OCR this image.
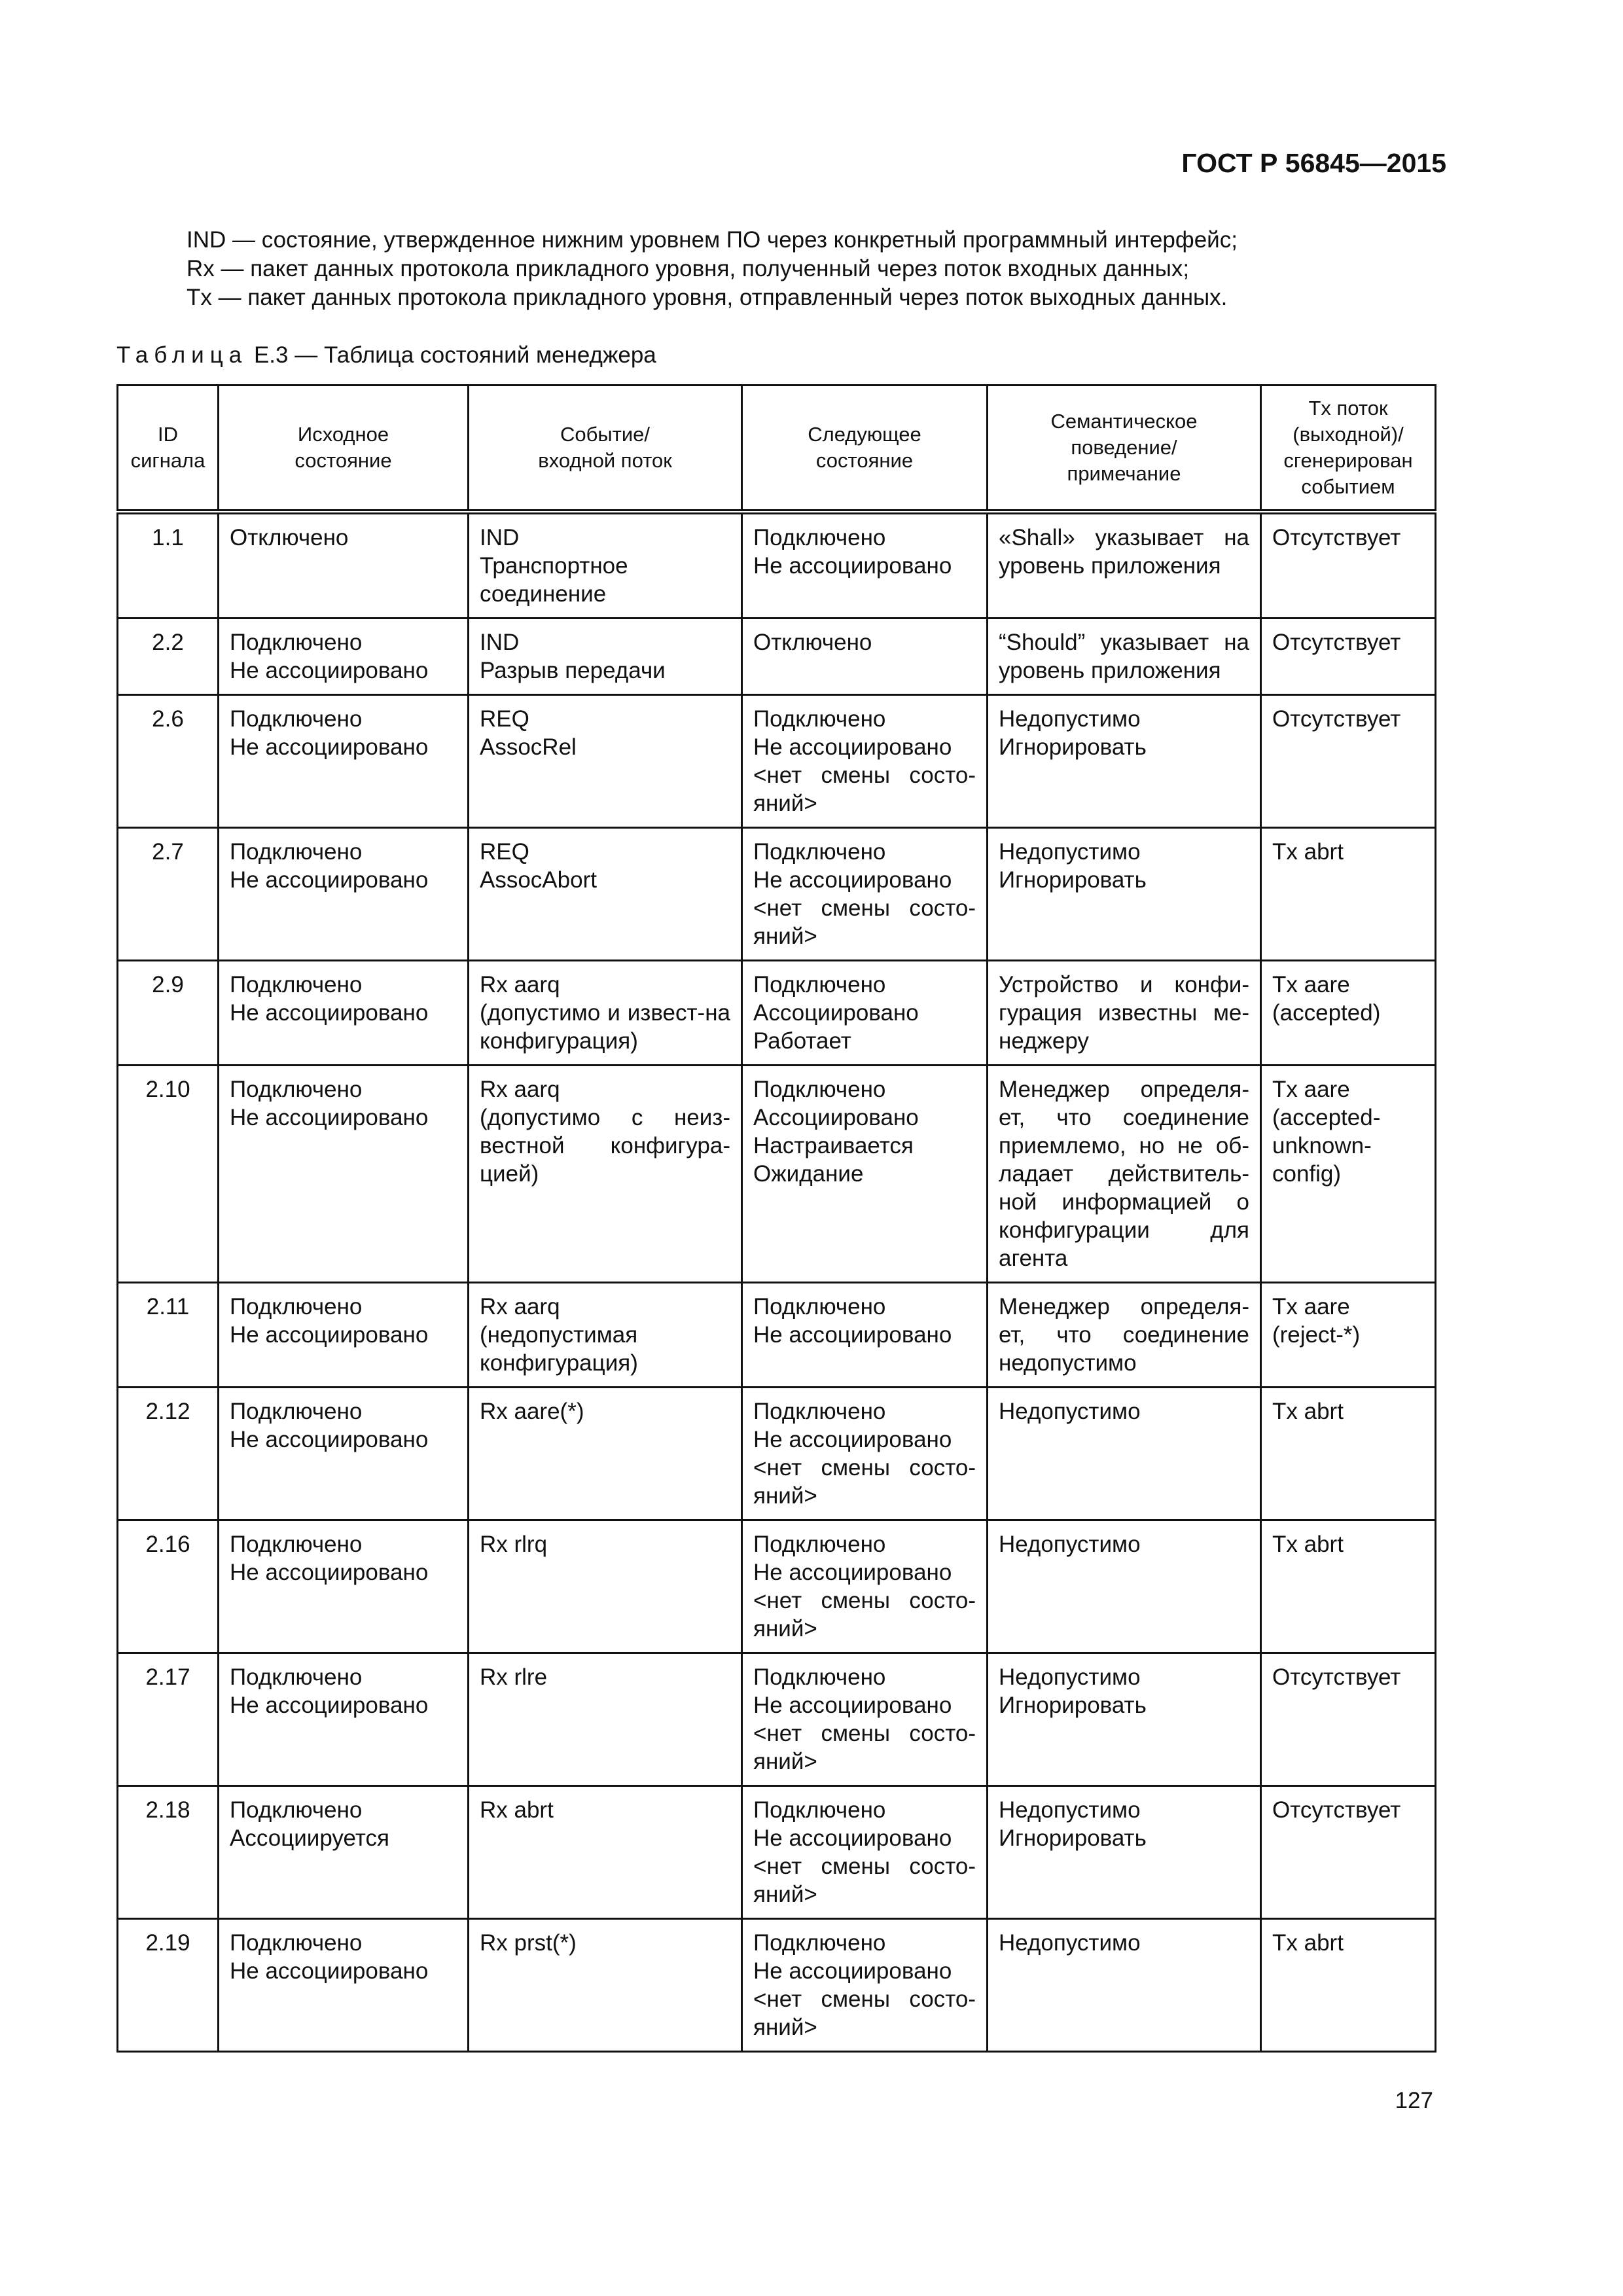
ГОСТ Р 56845—2015
IND — состояние, утвержденное нижним уровнем ПО через конкретный программный интерфейс;
Rx — пакет данных протокола прикладного уровня, полученный через поток входных данных;
Tx — пакет данных протокола прикладного уровня, отправленный через поток выходных данных.
Таблица Е.3 — Таблица состояний менеджера
ID
сигнала	Исходное
состояние	Событие/
входной поток	Следующее
состояние	Семантическое
поведение/
примечание	Tx поток
(выходной)/
сгенерирован
событием
1.1	Отключено	IND
Транспортное
соединение	Подключено
Не ассоциировано	«Shall» указывает на уровень приложения	Отсутствует
2.2	Подключено
Не ассоциировано	IND
Разрыв передачи	Отключено	“Should” указывает на уровень приложения	Отсутствует
2.6	Подключено
Не ассоциировано	REQ
AssocRel	Подключено
Не ассоциировано
<нет смены состо-яний>	Недопустимо
Игнорировать	Отсутствует
2.7	Подключено
Не ассоциировано	REQ
AssocAbort	Подключено
Не ассоциировано
<нет смены состо-яний>	Недопустимо
Игнорировать	Tx abrt
2.9	Подключено
Не ассоциировано	Rx aarq
(допустимо и извест-на конфигурация)	Подключено
Ассоциировано
Работает	Устройство и конфи-гурация известны ме-неджеру	Tx aare
(accepted)
2.10	Подключено
Не ассоциировано	Rx aarq
(допустимо с неиз-вестной конфигура-цией)	Подключено
Ассоциировано
Настраивается
Ожидание	Менеджер определя-ет, что соединение приемлемо, но не об-ладает действитель-ной информацией о конфигурации для агента	Tx aare
(accepted-
unknown-
config)
2.11	Подключено
Не ассоциировано	Rx aarq
(недопустимая
конфигурация)	Подключено
Не ассоциировано	Менеджер определя-ет, что соединение недопустимо	Tx aare
(reject-*)
2.12	Подключено
Не ассоциировано	Rx aare(*)	Подключено
Не ассоциировано
<нет смены состо-яний>	Недопустимо	Tx abrt
2.16	Подключено
Не ассоциировано	Rx rlrq	Подключено
Не ассоциировано
<нет смены состо-яний>	Недопустимо	Tx abrt
2.17	Подключено
Не ассоциировано	Rx rlre	Подключено
Не ассоциировано
<нет смены состо-яний>	Недопустимо
Игнорировать	Отсутствует
2.18	Подключено
Ассоциируется	Rx abrt	Подключено
Не ассоциировано
<нет смены состо-яний>	Недопустимо
Игнорировать	Отсутствует
2.19	Подключено
Не ассоциировано	Rx prst(*)	Подключено
Не ассоциировано
<нет смены состо-яний>	Недопустимо	Tx abrt
127
